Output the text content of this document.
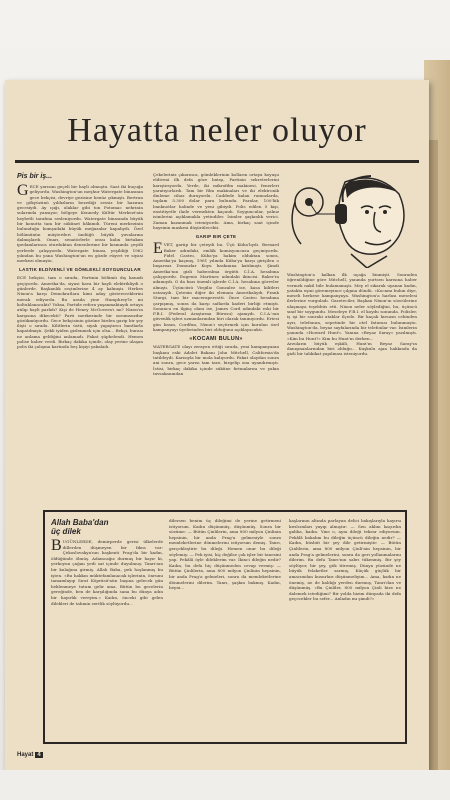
Hayatta neler oluyor
Pis bir iş...

GECE yarısını geçeli bir hayli olmuştu. Saat iki buçuğa geliyordu. Washington'un meşhur Watergate binasının gece bekçisi, devriye gezisine henüz çıkmıştı. Bertran ve gökyüzünü yıldızların bezediği sessiz bir hazıran gecesiydi. Ay ışığı, ulaklar gibi ton Potomac nehrinin sularında yansıyor, bölgeye Kennedy Kültür Merkezi'nin heybetli tarafına sesleniyordu. Watergate binasında büyük bir konutta tam bir sükûnet hâkimdi. Türeni merkezinin bulunduğu komşudaki büyük meğazalar kapalıydı. Özel bölümünün müşterileri ündüğü büyük yuvalarına dalmışlardı. Onarı, senatörlerle orası kalın birtakım ipedamlarınca oturduktan denenlerime bir kısmında çeşitli yerlerde çalışıyordu. Watergate binası, yeşildiği 1962 yılından bu yana Washington'un en gözde rüşvet ve siyasi merkezi olmuştu.

LASTIK ELDİVENLİ VE GÖMLEKLİ SOYGUNCULAR

ECE bekçisi, tam o sırada, Partinin bölümü dış kanadı geçiyordu. Amerika'da, siyasi hava bir hayli elektrikliydi o günlerde. Başkanlık seçimlerine 4 ay kalmıştı. Herkes Nixon'a karşı Demokratlara kimi aday göstereceklerini merak ediyordu. Bu arada yine Humphrey'le mi koltuklanacaktı? Yoksa, Partide refora yaşanmaktaydı ortaya atılıp hayli parlıdı? Kişi de Henry McGovern'ı mı? Nixon'ın karşısına dikecekti? Parti merkezinde bir sorumsuzdur gözükmüyordu. Gece bekçisinin gözüne birden garip bir şey ilişti o sırada. Kilitlerin üstü, siyah yapıştırıcı bantlarla kapatılmıştı. Şekli iyiden gizlenmek için olsa... Bekçi, burası ne anlama geldiğini anlamadı. Fakat şüphelendi. Hemen polise haber verdi. Birkaç dakika içinde, olay yerine ulaşan polis iki çalışma kartında beş kişiyi yakaladı.

Çekeleriniz çıkarınca, gömleklerinin kolların ortaya koyuşu eldiveni ilk defa göze batışı, Partinin sekreterlerini karıştırıyordu. Yerde, iki mikrofilm makinesi, fenerleri yaratıyorlardı. Tam bir film makinaları ve iki elektronik dinleme cihaz duruyordu. Caddede kalan rumuzlarda, toplam 5.300 dolar para bulundu. Paralar, 100'lük banknotlar halinde ve yeni gibiydi. Polis edilen 5 kişi, enstitiyetle ilade vermekten kaçındı. Soyguncular, yalnız isimlerini açıklamakla yetindiler. İsimler şaşkınlık verici. Zaman kazanmak isteniyordu. Ama, birkaç saat içinde haysinin maskesi düşürülecekti.

GARIP BIR ÇETE

EVET, gariip bir çeteydi bu. Üçü Küba'lıydı. Bernard Baker adındaki, emlâk komisyoncusu geçiniyordu. Fidel Castro, Küba'ya hakim olduktan sonra, Amerika'ya kaçmış, 1961 yılında Küba'ya karşı girişilen o başarısız Domuzlar Koyu baskınına katılmıştı. Şimdi Amerika'nın gizli haberalma örgütü C.İ.A. hesabına çalışıyordu. Eugenio Martinez adındaki ikincisi. Baker'in adamıydı. O da bazı önemli işlerde C.İ.A. hesabına görevler almıştı. Üçüncüsü Virgilio Gonzalez ise, kasa kilitleri ustasıydı. Çetenin diğer iki elemanı Amerikalıydı. Frank Sturgi, tam bir maceraperestti. Önce Castro hesabına çarpışmış, sonra da karşı saflarda kaderi birliği etmişti. Sonuncu en ilginç olanı ise, James Cord adındaki eski bir F.B.I. (Federal Araştırma Bürosu) ajanıydı. C.I.A.'nın güvenlik işleri uzmanlarından biri olarak tanınıyordu. Ertesi gün basın, Cordfun, Nixon'ı seçtirmek için kurulan özel kampanyayı üyelerinden biri olduğunu açıklayacaktı.

«KOCAMI BULUN»

WATERGATE olayı zerayen ettiği sırada, yeni kampanyanın başkanı eski Adalet Bakanı John Mitchell, California'da tatildeydi. Karısıyla bir mola kalıyordu. Fakat olaydan sonra ani sonra, gece yarısı tam taze, birgelip onu uyandırmıştı. İstisi, birkaç dakika içinde sükûne fırtınalarını ve yakın tavsakanından

Washington'a kalkan ilk uçağa binmişti. Sonraden öğrenildiğine göre Mitchell, yanında yurtsen karısına haber vermek nakil bile bulamamıştı. Mey el sıkarak uyanan kadın, yatakta eşini göremeyince çılgına döndü. «Kocamı bulun diye, meseli herkese kampanyaya. Washington'a harlası meselesi ilerlerine vurguladı. Gazeteciler, Başkan Nixon'ın sözcülerine ulaşmaya teşebbüs etti. Nixon neler söylediğini, bu, üçüncü sınıf bir soygundu. Meseleye F.B.I. el koydu sonunda. Polisler, iş işi bir sonraki ataklar ilçede. Bir kaçak hırsızın cebinden ayrı, telefonun, sepetinde bir otel faturası bulunmuştu. Washington'da, beyaz sayfalarında bir telefonlar var. İsimlerin yanında «Howard Hunt'ı. Yanına «Beyaz Saray» yazılmıştı. «Kim bu Hunt?» Kim bu Hunt'ın derken...

Arzuların büyük eşkâli, Hunt'ın Beyaz Saray'ın danışmanlarından biri olduğu... Kuşkulu ajan hakkında da gizli bir tahkikat yapılması isteniyordu.

Allah Baba'dan
üç dilek

BUGÜNLERDE, demirperde gerisi ülkelerde dillerden düşmeyen bir fıkra var: Çekoslovakya'nın başkenti Prag'da bir kadın, öldüğünde ölmüş. Adamcağız durmuş bir hayır ki, yerkoyun çağan yedi sat içinde duyulmuş: Tanrı'nın bir kulağına girmiş. Allah Baba, pek hoşlanmış bu işten. «Bu hakkın müktefamlanacak işlerinin, önrunu tamamlayıp Sırat Köprüsü'nün başına gelecek gün beklenmeye tutum gelir ama. Bütün bu gecelerin gereğinde, ben de karşılığında sana bu dünya adın bir hayırlık vereyim.» Kadın, önceki gibi gelen dilekleri de tahmin sertlik söylüyordu...

dilersen benim üç dileğimi de yerine getirmeni istiyorum. Kadın düşünmüş, düşünmüş. Sonra bir sözüme: — Bütün Çinlilerin, ama 800 milyon Çinlinin hepsinin, bir anda Prag'a gelmesiyle sonra memleketlerine dönmelerini istiyorum demiş. Tanrı, gerçekleştirir bu dileği. Hemen onur bu dileği söylemiş: — Pek iyisi, hiç değilse çok işler bir tanesini yap. Pekâlâ öyle dileklerim var. İkinci dileğin nedir? Kadın, bu defa hiç düşünmeden cevap vermiş: — Bütün Çinlilerin, ama 800 milyon Çinlinin hepsinin, bir anda Prag'a gelmeleri, sonra da memleketlerine dönmelerini dilerim. Tanrı, şaşkın bakmış. Kadın, beyni...

kaşlarının altında parlayan delici bakışlarıyla hayırsı kıvılcımları yayıp almıştır: — Sen aklını kaçırdın galiba, kadın. Yine o, aynı dileği tekrar ediyorsun. Pekâlâ bakalım bu dileğin üçüncü dileğin nedir? — Kadın, büsbüt bir şey dile getirmiştir: — Bütün Çinlilerin, ama 800 milyon Çinli'nin hepsinin, bir anda Prag'a gelmelerini, sonra da geri yollanmalarını dilerim. Bu defa Tanrı'nın sabrı tükenmiş. Bir şey söylüyor, bir şey, gök titremiş. Dünya yüzünde ne büyük felaketler sarmış, Küçük güçlük bir amacımdan kusurları düşünmeliyim... Ama, kadın ne önemiş, ne de kaldığı yerden durmuş, Tanrı'dan ve düşünmüş. «Bu Çinliler, 800 milyon Çinli bize ne dalemek istediğimi? Bir yolda bizim dünyada iki defa geçecekler bu sefer... Anladın mı şimdi?»

Hayat 4
